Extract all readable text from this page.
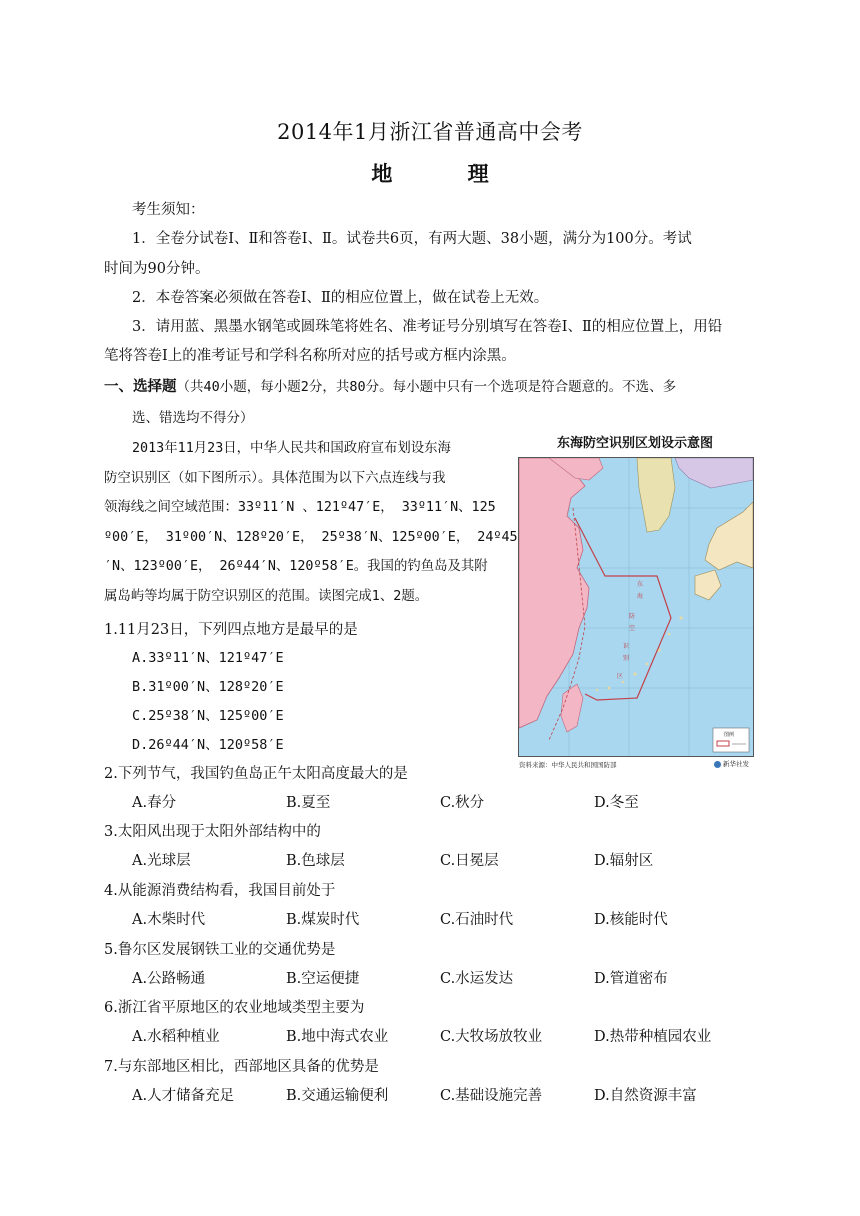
2014年1月浙江省普通高中会考
地 理
考生须知：
1．全卷分试卷Ⅰ、Ⅱ和答卷Ⅰ、Ⅱ。试卷共6页，有两大题、38小题，满分为100分。考试
时间为90分钟。
2．本卷答案必须做在答卷Ⅰ、Ⅱ的相应位置上，做在试卷上无效。
3．请用蓝、黑墨水钢笔或圆珠笔将姓名、准考证号分别填写在答卷Ⅰ、Ⅱ的相应位置上，用铅
笔将答卷Ⅰ上的准考证号和学科名称所对应的括号或方框内涂黑。
一、选择题（共40小题，每小题2分，共80分。每小题中只有一个选项是符合题意的。不选、多
选、错选均不得分）
2013年11月23日，中华人民共和国政府宣布划设东海
防空识别区（如下图所示）。具体范围为以下六点连线与我
领海线之间空域范围：33º11′N 、121º47′E， 33º11′N、125
º00′E， 31º00′N、128º20′E， 25º38′N、125º00′E， 24º45
′N、123º00′E， 26º44′N、120º58′E。我国的钓鱼岛及其附
属岛屿等均属于防空识别区的范围。读图完成1、2题。
东海防空识别区划设示意图
东
海
防
空
识
别
区
图例
资料来源：中华人民共和国国防部	新华社发
1.11月23日，下列四点地方是最早的是
A.33º11′N、121º47′E
B.31º00′N、128º20′E
C.25º38′N、125º00′E
D.26º44′N、120º58′E
2.下列节气，我国钓鱼岛正午太阳高度最大的是
A.春分	B.夏至	C.秋分	D.冬至
3.太阳风出现于太阳外部结构中的
A.光球层	B.色球层	C.日冕层	D.辐射区
4.从能源消费结构看，我国目前处于
A.木柴时代	B.煤炭时代	C.石油时代	D.核能时代
5.鲁尔区发展钢铁工业的交通优势是
A.公路畅通	B.空运便捷	C.水运发达	D.管道密布
6.浙江省平原地区的农业地域类型主要为
A.水稻种植业	B.地中海式农业	C.大牧场放牧业	D.热带种植园农业
7.与东部地区相比，西部地区具备的优势是
A.人才储备充足	B.交通运输便利	C.基础设施完善	D.自然资源丰富
